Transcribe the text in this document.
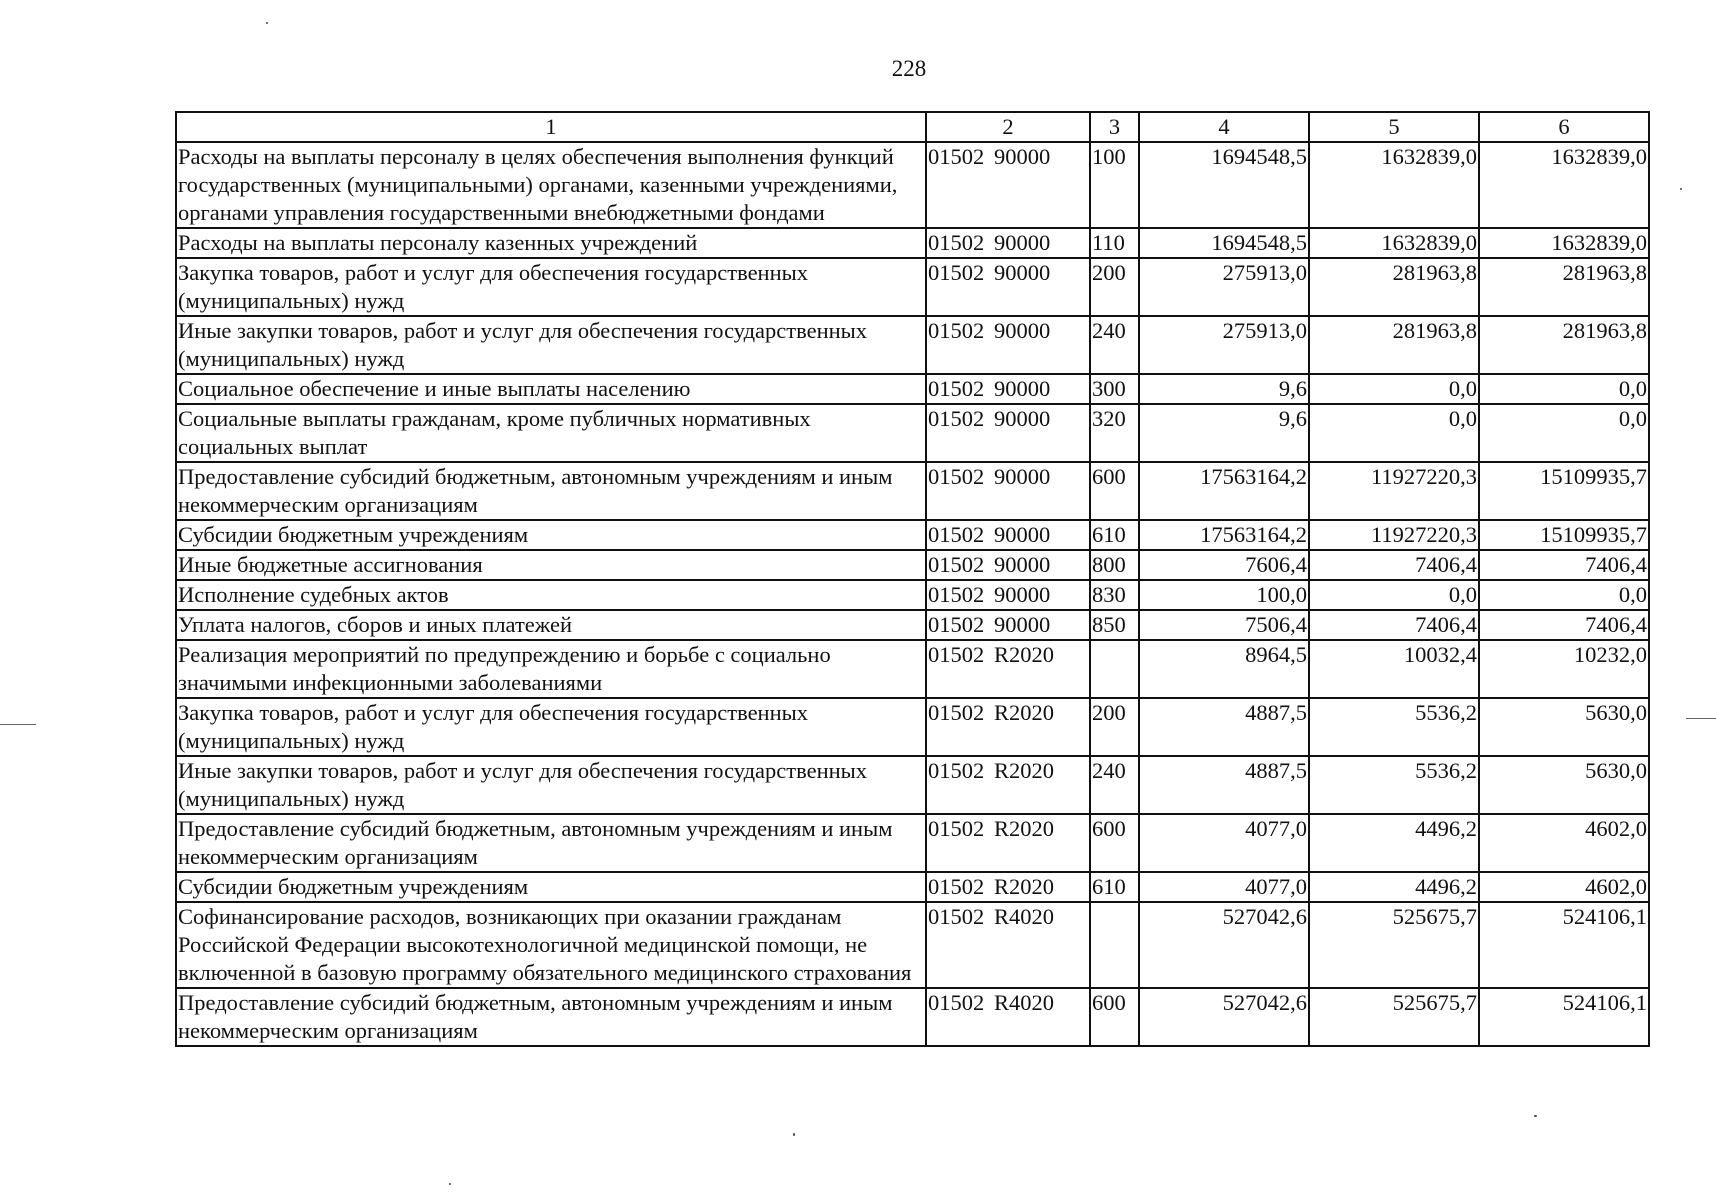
228
1	2	3	4	5	6
Расходы на выплаты персоналу в целях обеспечения выполнения функций государственных (муниципальными) органами, казенными учреждениями, органами управления государственными внебюджетными фондами	01502 90000	100	1694548,5	1632839,0	1632839,0
Расходы на выплаты персоналу казенных учреждений	01502 90000	110	1694548,5	1632839,0	1632839,0
Закупка товаров, работ и услуг для обеспечения государственных (муниципальных) нужд	01502 90000	200	275913,0	281963,8	281963,8
Иные закупки товаров, работ и услуг для обеспечения государственных (муниципальных) нужд	01502 90000	240	275913,0	281963,8	281963,8
Социальное обеспечение и иные выплаты населению	01502 90000	300	9,6	0,0	0,0
Социальные выплаты гражданам, кроме публичных нормативных социальных выплат	01502 90000	320	9,6	0,0	0,0
Предоставление субсидий бюджетным, автономным учреждениям и иным некоммерческим организациям	01502 90000	600	17563164,2	11927220,3	15109935,7
Субсидии бюджетным учреждениям	01502 90000	610	17563164,2	11927220,3	15109935,7
Иные бюджетные ассигнования	01502 90000	800	7606,4	7406,4	7406,4
Исполнение судебных актов	01502 90000	830	100,0	0,0	0,0
Уплата налогов, сборов и иных платежей	01502 90000	850	7506,4	7406,4	7406,4
Реализация мероприятий по предупреждению и борьбе с социально значимыми инфекционными заболеваниями	01502 R2020		8964,5	10032,4	10232,0
Закупка товаров, работ и услуг для обеспечения государственных (муниципальных) нужд	01502 R2020	200	4887,5	5536,2	5630,0
Иные закупки товаров, работ и услуг для обеспечения государственных (муниципальных) нужд	01502 R2020	240	4887,5	5536,2	5630,0
Предоставление субсидий бюджетным, автономным учреждениям и иным некоммерческим организациям	01502 R2020	600	4077,0	4496,2	4602,0
Субсидии бюджетным учреждениям	01502 R2020	610	4077,0	4496,2	4602,0
Софинансирование расходов, возникающих при оказании гражданам Российской Федерации высокотехнологичной медицинской помощи, не включенной в базовую программу обязательного медицинского страхования	01502 R4020		527042,6	525675,7	524106,1
Предоставление субсидий бюджетным, автономным учреждениям и иным некоммерческим организациям	01502 R4020	600	527042,6	525675,7	524106,1
